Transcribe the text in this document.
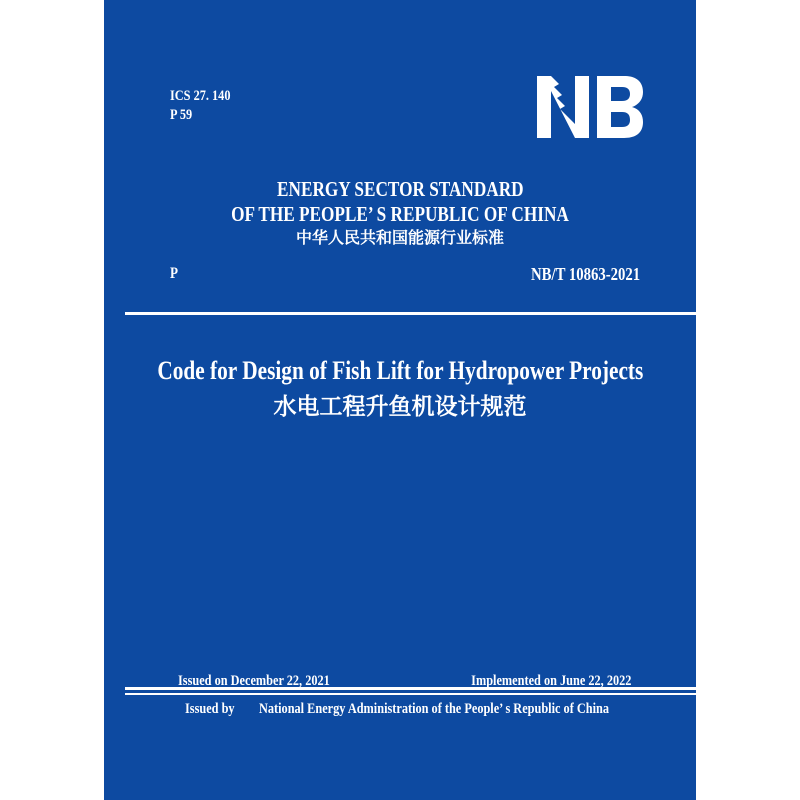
ICS 27. 140
P 59
ENERGY SECTOR STANDARD
OF THE PEOPLE’ S REPUBLIC OF CHINA
中华人民共和国能源行业标准
P	NB/T 10863-2021
Code for Design of Fish Lift for Hydropower Projects
水电工程升鱼机设计规范
Issued on December 22, 2021	Implemented on June 22, 2022
Issued by National Energy Administration of the People’ s Republic of China
